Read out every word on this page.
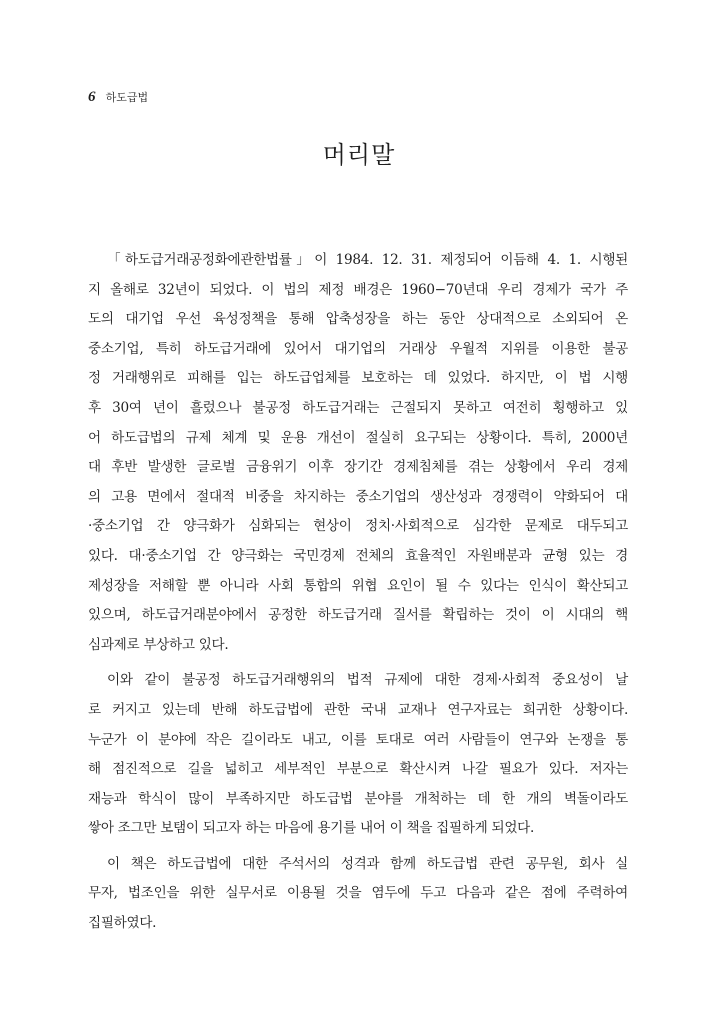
6 하도급법
머리말
「하도급거래공정화에관한법률」이 1984. 12. 31. 제정되어 이듬해 4. 1. 시행된
지 올해로 32년이 되었다. 이 법의 제정 배경은 1960−70년대 우리 경제가 국가 주
도의 대기업 우선 육성정책을 통해 압축성장을 하는 동안 상대적으로 소외되어 온
중소기업, 특히 하도급거래에 있어서 대기업의 거래상 우월적 지위를 이용한 불공
정 거래행위로 피해를 입는 하도급업체를 보호하는 데 있었다. 하지만, 이 법 시행
후 30여 년이 흘렀으나 불공정 하도급거래는 근절되지 못하고 여전히 횡행하고 있
어 하도급법의 규제 체계 및 운용 개선이 절실히 요구되는 상황이다. 특히, 2000년
대 후반 발생한 글로벌 금융위기 이후 장기간 경제침체를 겪는 상황에서 우리 경제
의 고용 면에서 절대적 비중을 차지하는 중소기업의 생산성과 경쟁력이 약화되어 대
·중소기업 간 양극화가 심화되는 현상이 정치·사회적으로 심각한 문제로 대두되고
있다. 대·중소기업 간 양극화는 국민경제 전체의 효율적인 자원배분과 균형 있는 경
제성장을 저해할 뿐 아니라 사회 통합의 위협 요인이 될 수 있다는 인식이 확산되고
있으며, 하도급거래분야에서 공정한 하도급거래 질서를 확립하는 것이 이 시대의 핵
심과제로 부상하고 있다.
이와 같이 불공정 하도급거래행위의 법적 규제에 대한 경제·사회적 중요성이 날
로 커지고 있는데 반해 하도급법에 관한 국내 교재나 연구자료는 희귀한 상황이다.
누군가 이 분야에 작은 길이라도 내고, 이를 토대로 여러 사람들이 연구와 논쟁을 통
해 점진적으로 길을 넓히고 세부적인 부분으로 확산시켜 나갈 필요가 있다. 저자는
재능과 학식이 많이 부족하지만 하도급법 분야를 개척하는 데 한 개의 벽돌이라도
쌓아 조그만 보탬이 되고자 하는 마음에 용기를 내어 이 책을 집필하게 되었다.
이 책은 하도급법에 대한 주석서의 성격과 함께 하도급법 관련 공무원, 회사 실
무자, 법조인을 위한 실무서로 이용될 것을 염두에 두고 다음과 같은 점에 주력하여
집필하였다.
